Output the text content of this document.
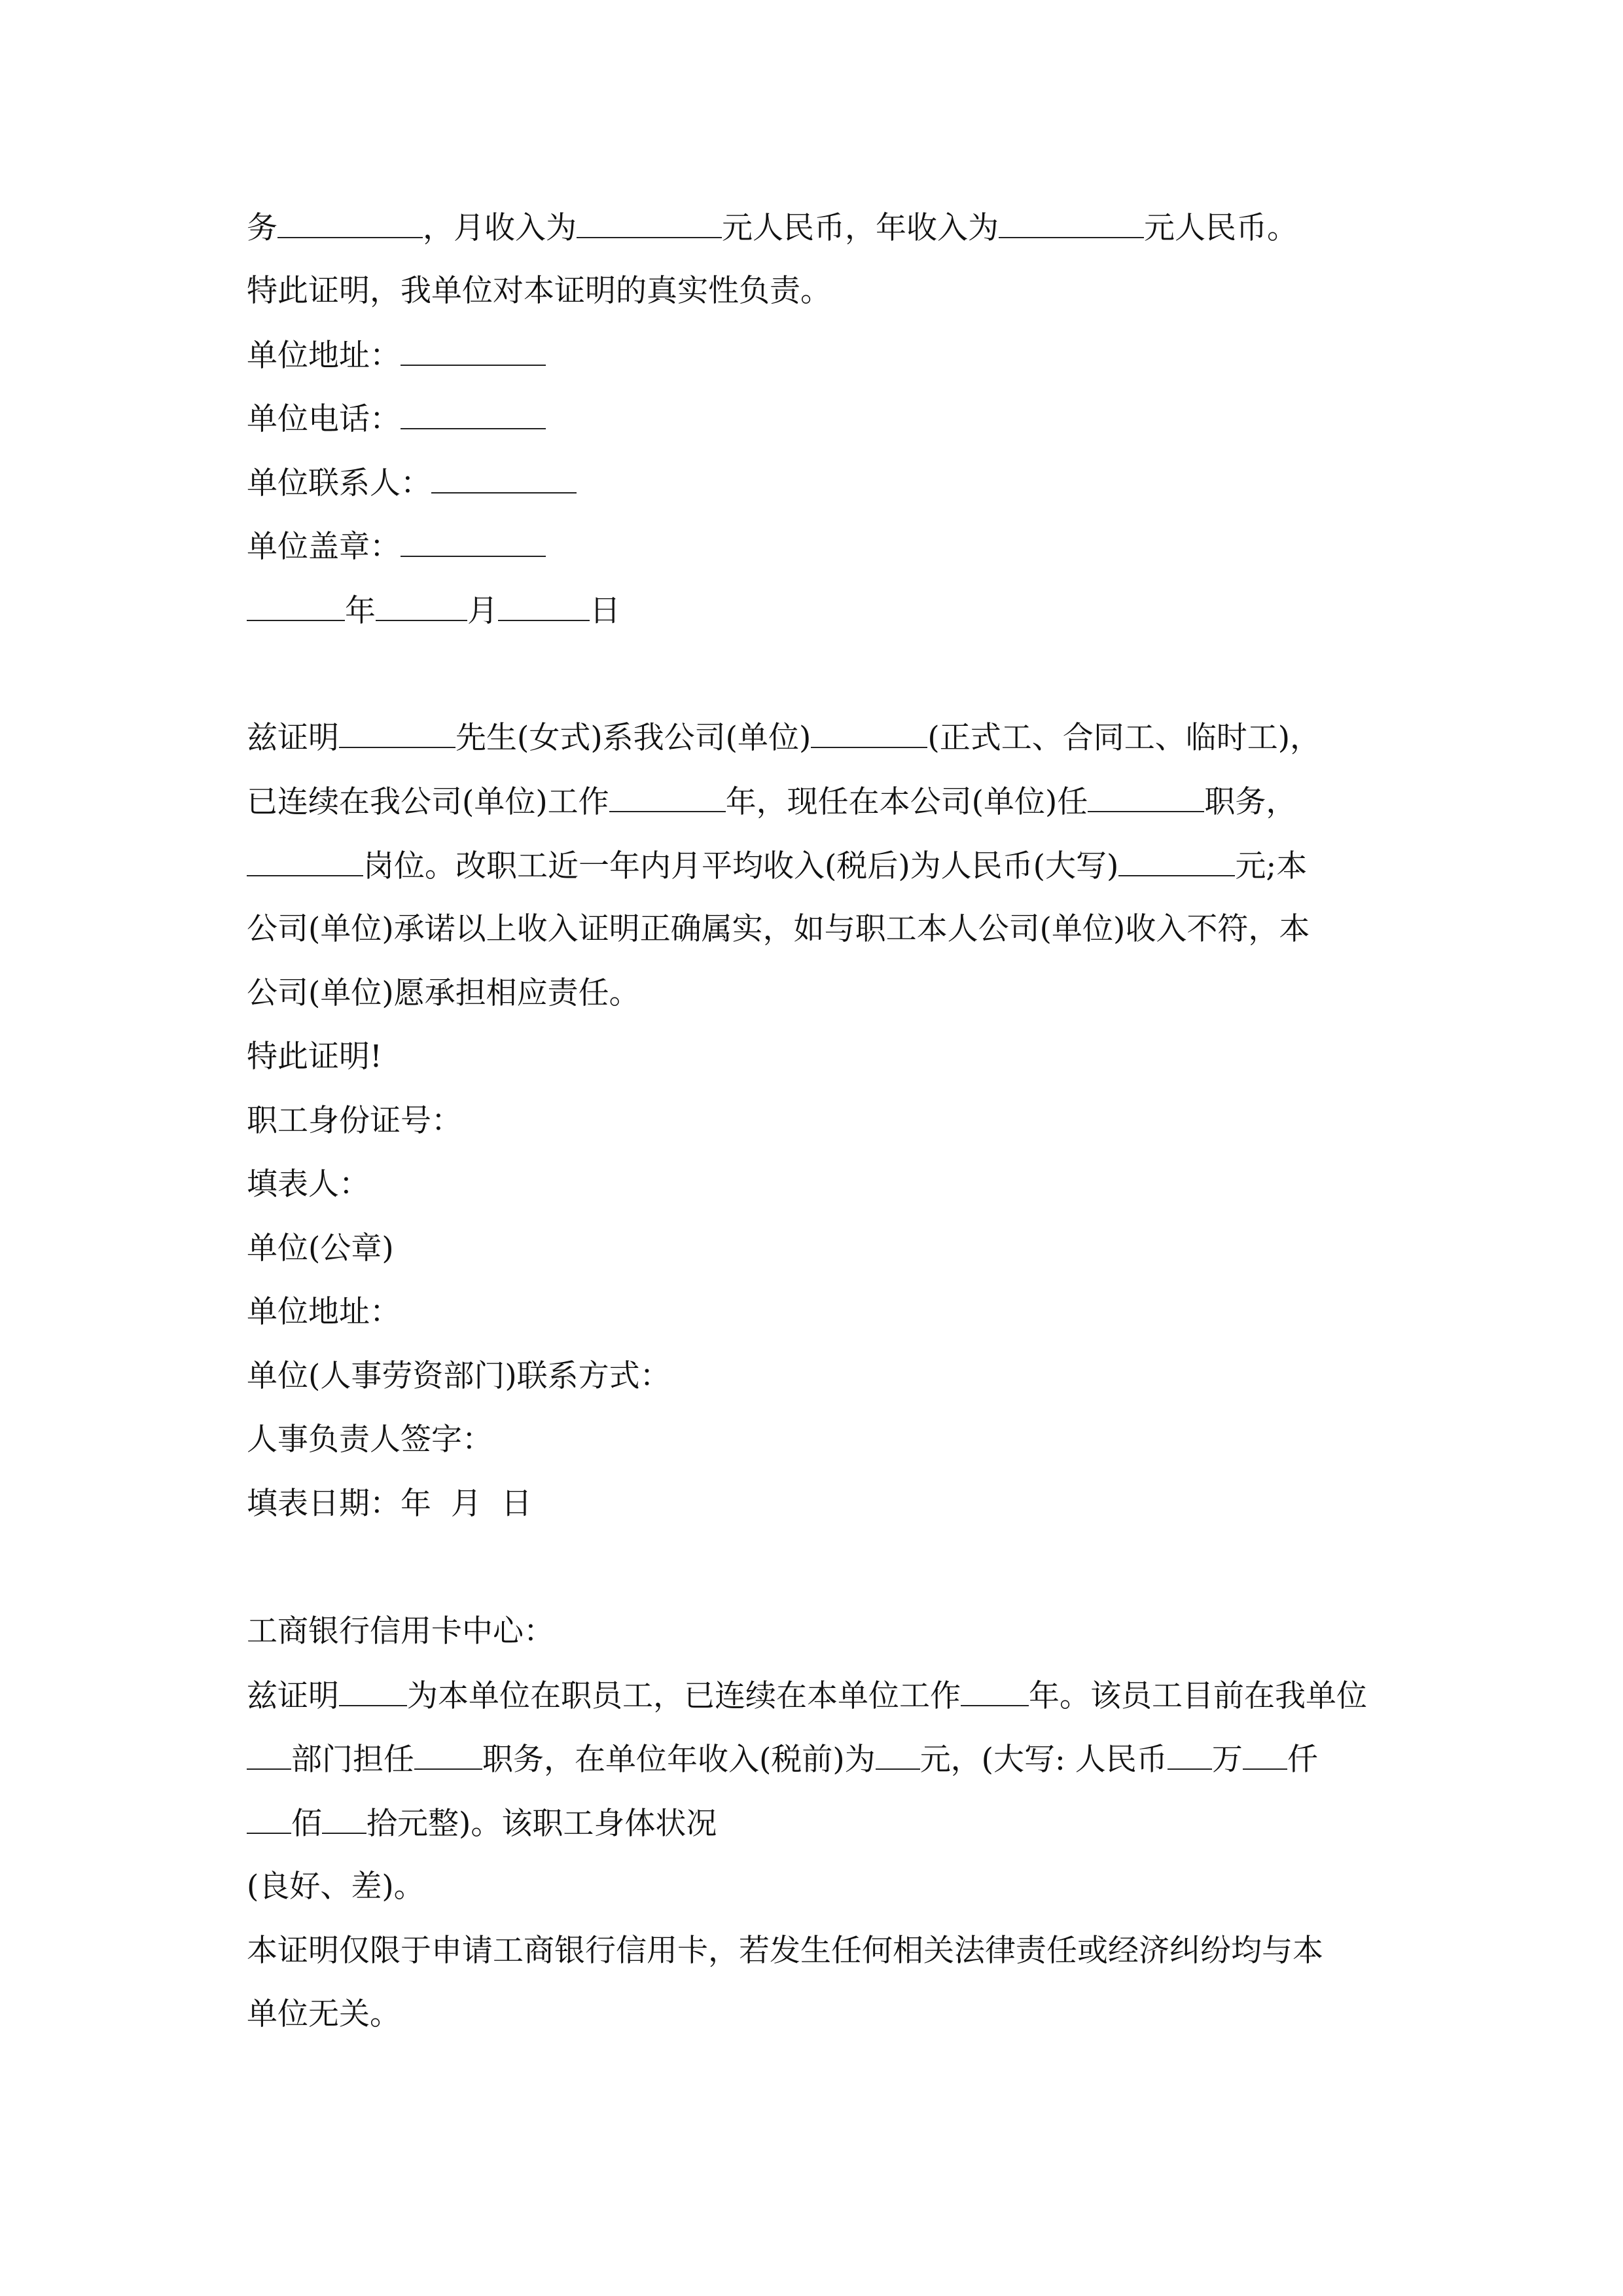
务	，月收入为	元人民币，年收入为	元人民币。
特此证明，我单位对本证明的真实性负责。
单位地址：
单位电话：
单位联系人：
单位盖章：
年	月	日
兹证明	先生(女式)系我公司(单位)	(正式工、合同工、临时工)，
已连续在我公司(单位)工作	年，现任在本公司(单位)任	职务，
岗位。改职工近一年内月平均收入(税后)为人民币(大写)	元;本
公司(单位)承诺以上收入证明正确属实，如与职工本人公司(单位)收入不符，本
公司(单位)愿承担相应责任。
特此证明!
职工身份证号：
填表人：
单位(公章)
单位地址：
单位(人事劳资部门)联系方式：
人事负责人签字：
填表日期：年  月  日
工商银行信用卡中心：
兹证明 为本单位在职员工，已连续在本单位工作 年。该员工目前在我单位
部门担任 职务，在单位年收入(税前)为 元，(大写: 人民币 万 仟
佰 拾元整)。该职工身体状况
(良好、差)。
本证明仅限于申请工商银行信用卡，若发生任何相关法律责任或经济纠纷均与本
单位无关。
